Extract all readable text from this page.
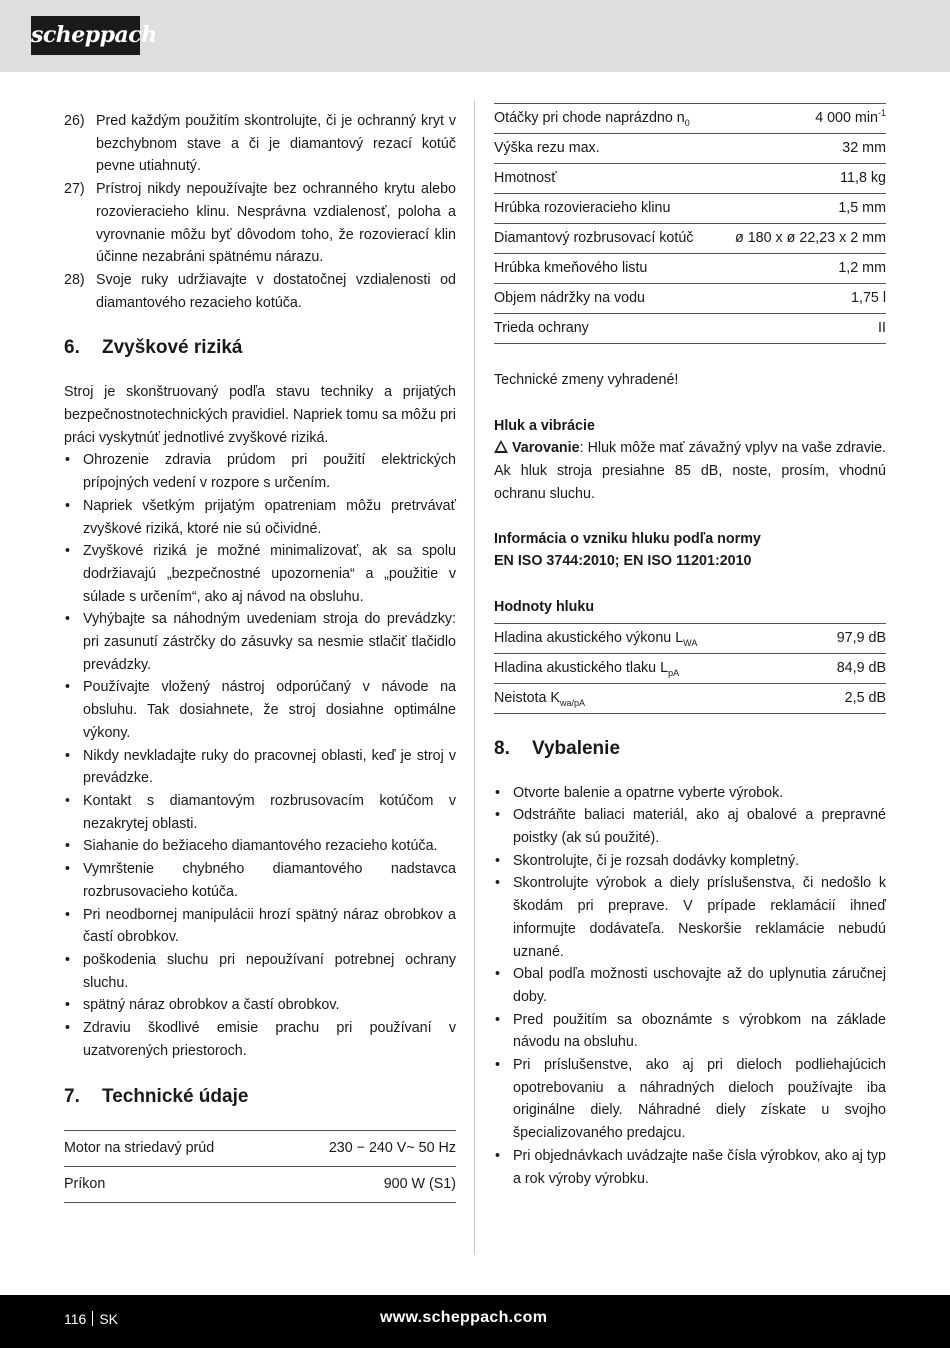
scheppach
26) Pred každým použitím skontrolujte, či je ochranný kryt v bezchybnom stave a či je diamantový rezací kotúč pevne utiahnutý.
27) Prístroj nikdy nepoužívajte bez ochranného krytu alebo rozovieracieho klinu. Nesprávna vzdialenosť, poloha a vyrovnanie môžu byť dôvodom toho, že rozovierací klin účinne nezabráni spätnému nárazu.
28) Svoje ruky udržiavajte v dostatočnej vzdialenosti od diamantového rezacieho kotúča.
6. Zvyškové riziká
Stroj je skonštruovaný podľa stavu techniky a prijatých bezpečnostnotechnických pravidiel. Napriek tomu sa môžu pri práci vyskytnúť jednotlivé zvyškové riziká.
• Ohrozenie zdravia prúdom pri použití elektrických prípojných vedení v rozpore s určením.
• Napriek všetkým prijatým opatreniam môžu pretrvávať zvyškové riziká, ktoré nie sú očividné.
• Zvyškové riziká je možné minimalizovať, ak sa spolu dodržiavajú „bezpečnostné upozornenia“ a „použitie v súlade s určením“, ako aj návod na obsluhu.
• Vyhýbajte sa náhodným uvedeniam stroja do prevádzky: pri zasunutí zástrčky do zásuvky sa nesmie stlačiť tlačidlo prevádzky.
• Používajte vložený nástroj odporúčaný v návode na obsluhu. Tak dosiahnete, že stroj dosiahne optimálne výkony.
• Nikdy nevkladajte ruky do pracovnej oblasti, keď je stroj v prevádzke.
• Kontakt s diamantovým rozbrusovacím kotúčom v nezakrytej oblasti.
• Siahanie do bežiaceho diamantového rezacieho kotúča.
• Vymrštenie chybného diamantového nadstavca rozbrusovacieho kotúča.
• Pri neodbornej manipulácii hrozí spätný náraz obrobkov a častí obrobkov.
• poškodenia sluchu pri nepoužívaní potrebnej ochrany sluchu.
• spätný náraz obrobkov a častí obrobkov.
• Zdraviu škodlivé emisie prachu pri používaní v uzatvorených priestoroch.
7. Technické údaje
Motor na striedavý prúd	230 − 240 V~ 50 Hz
Príkon	900 W (S1)
Otáčky pri chode naprázdno $n_0$	4 000 $\min^{-1}$
Výška rezu max.	32 mm
Hmotnosť	11,8 kg
Hrúbka rozovieracieho klinu	1,5 mm
Diamantový rozbrusovací kotúč	ø 180 x ø 22,23 x 2 mm
Hrúbka kmeňového listu	1,2 mm
Objem nádržky na vodu	1,75 l
Trieda ochrany	II
Technické zmeny vyhradené!
Hluk a vibrácie
Varovanie: Hluk môže mať závažný vplyv na vaše zdravie. Ak hluk stroja presiahne 85 dB, noste, prosím, vhodnú ochranu sluchu.
Informácia o vzniku hluku podľa normy
EN ISO 3744:2010; EN ISO 11201:2010
Hodnoty hluku
Hladina akustického výkonu $L_{WA}$	97,9 dB
Hladina akustického tlaku $L_{pA}$	84,9 dB
Neistota $K_{wa/pA}$	2,5 dB
8. Vybalenie
• Otvorte balenie a opatrne vyberte výrobok.
• Odstráňte baliaci materiál, ako aj obalové a prepravné poistky (ak sú použité).
• Skontrolujte, či je rozsah dodávky kompletný.
• Skontrolujte výrobok a diely príslušenstva, či nedošlo k škodám pri preprave. V prípade reklamácií ihneď informujte dodávateľa. Neskoršie reklamácie nebudú uznané.
• Obal podľa možnosti uschovajte až do uplynutia záručnej doby.
• Pred použitím sa oboznámte s výrobkom na základe návodu na obsluhu.
• Pri príslušenstve, ako aj pri dieloch podliehajúcich opotrebovaniu a náhradných dieloch používajte iba originálne diely. Náhradné diely získate u svojho špecializovaného predajcu.
• Pri objednávkach uvádzajte naše čísla výrobkov, ako aj typ a rok výroby výrobku.
116 SK	www.scheppach.com
